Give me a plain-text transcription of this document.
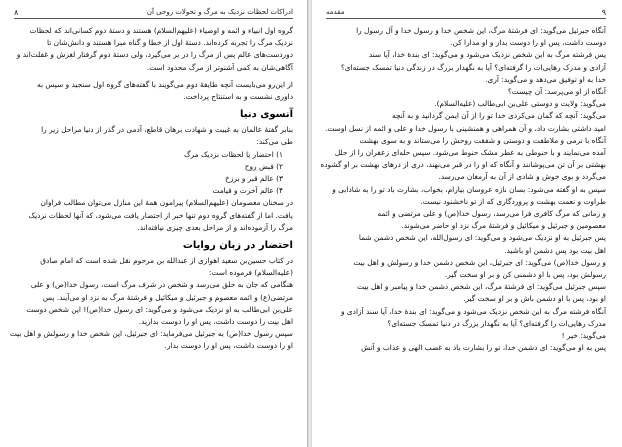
ادراکات لحظات نزدیک به مرگ و تحولات روحی آن
۸
گروه اول انبیاء و ائمه و اوصیاء (علیهم‌السلام) هستند و دستهٔ دوم کسانی‌اند که لحظات
نزدیک مرگ را تجربه کرده‌اند. دستهٔ اول از خطا و گناه مبرا هستند و دانش‌شان تا
دوردست‌های عالم پس از مرگ را در بر می‌گیرد، ولی دستهٔ دوم گرفتار لغزش و غفلت‌اند و
آگاهی‌شان به کمی آشنوتر از مرگ محدود است.
از این‌رو می‌بایست آنچه طایفهٔ دوم می‌گویند با گفته‌های گروه اول سنجید و سپس به
داوری نشست و به استنتاج پرداخت.
آنسوی دنیا
بنابر گفتهٔ عالمان به غیبت و شهادت برهان قاطع، آدمی در گذر از دنیا مراحل زیر را
طی می‌کند:
۱) احتضار یا لحظات نزدیک مرگ
۲) قبض روح
۳) عالم قبر و برزخ
۴) عالم آخرت و قیامت
در سخنان معصومان (علیهم‌السلام) پیرامون همهٔ این منازل می‌توان مطالب فراوان
یافت. اما از گفته‌های گروه دوم تنها خبر از احتضار یافت می‌شود، که آنها لحظات نزدیک
مرگ را آزموده‌اند و از مراحل بعدی چیزی نیافته‌اند.
احتضار در زبان روایات
در کتاب حسین‌بن سعید اهوازی از عبدالله بن مرحوم نقل شده است که امام صادق
(علیه‌السلام) فرموده است:
هنگامی که جان به حلق می‌رسد و شخص در شرف مرگ است، رسول خدا(ص) و علی
مرتضی(ع) و ائمه معصوم و جبرئیل و میکائیل و فرشتهٔ مرگ به نزد او می‌آیند. پس
علی‌بن ابی‌طالب به او نزدیک می‌شود و می‌گوید: ای رسول خدا(ص)! این شخص دوست
اهل بیت را دوست داشت، پس او را دوست بدارید.
سپس رسول خدا(ص) به جبرئیل می‌فرماید: ای جبرئیل، این شخص خدا و رسولش و اهل بیت
او را دوست داشت، پس او را دوست بدار.
۹
مقدمه
آنگاه جبرئیل می‌گوید: ای فرشتهٔ مرگ، این شخص خدا و رسول خدا و آل رسول را
دوست داشت، پس او را دوست بدار و او مدارا کن.
پس فرشته مرگ به این شخص نزدیک می‌شود و می‌گوید: ای بندهٔ خدا، آیا سند
آزادی و مدرک رهایی‌ات را گرفته‌ای؟ آیا به نگهدار بزرگ در زندگی دنیا تمسک جسته‌ای؟
خدا به او توفیق می‌دهد و می‌گوید: آری.
آنگاه از او می‌پرسد: آن چیست؟
می‌گوید: ولایت و دوستی علی‌بن ابی‌طالب (علیه‌السلام).
می‌گوید: آنچه که گمان می‌کردی خدا تو را از آن ایمن گردانید و به آنچه
امید داشتی بشارت داد، و آن همراهی و همنشینی با رسول خدا و علی و ائمه از نسل اوست.
آنگاه با نرمی و ملاطفت و دوستی و شفقت روحش را می‌ستاند و به سوی بهشت
آمده می‌نمایند و با حنوطی به عطر مشک حنوط می‌شود. سپس حله‌ای زعفران را از حلل
بهشتی بر آن تن می‌پوشانند و آنگاه که او را در قبر می‌نهند، دری از درهای بهشت بر او گشوده
می‌گردد و بوی خوش و شادی از آن به آرمغان می‌رسد.
سپس به او گفته می‌شود: بسان نازه عروسان بیارام، بخواب، بشارت باد تو را به شادابی و
طراوت و نعمت بهشت و پروردگاری که از تو ناخشنود نیست.
و زمانی که مرگ کافری فرا می‌رسد، رسول خدا(ص) و علی مرتضی و ائمه
معصومین و جبرئیل و میکائیل و فرشتهٔ مرگ نزد او حاضر می‌شوند.
پس جبرئیل به او نزدیک می‌شود و می‌گوید: ای رسول‌الله، این شخص دشمن شما
اهل بیت بود پس دشمن او باشید.
و رسول خدا(ص) می‌گوید: ای جبرئیل، این شخص دشمن خدا و رسولش و اهل بیت
رسولش بود، پس با او دشمنی کن و بر او سخت گیر.
سپس جبرئیل می‌گوید: ای فرشتهٔ مرگ، این شخص دشمن خدا و پیامبر و اهل بیت
او بود، پس با او دشمن باش و بر او سخت گیر.
آنگاه فرشته مرگ به این شخص نزدیک می‌شود و می‌گوید: ای بندهٔ خدا، آیا سند آزادی و
مدرک رهایی‌ات را گرفته‌ای؟ آیا به نگهدار بزرگ در دنیا تمسک جسته‌ای؟
می‌گوید: خیر !
پس به او می‌گوید: ای دشمن خدا، تو را بشارت باد به غضب الهی و عذاب و آتش
